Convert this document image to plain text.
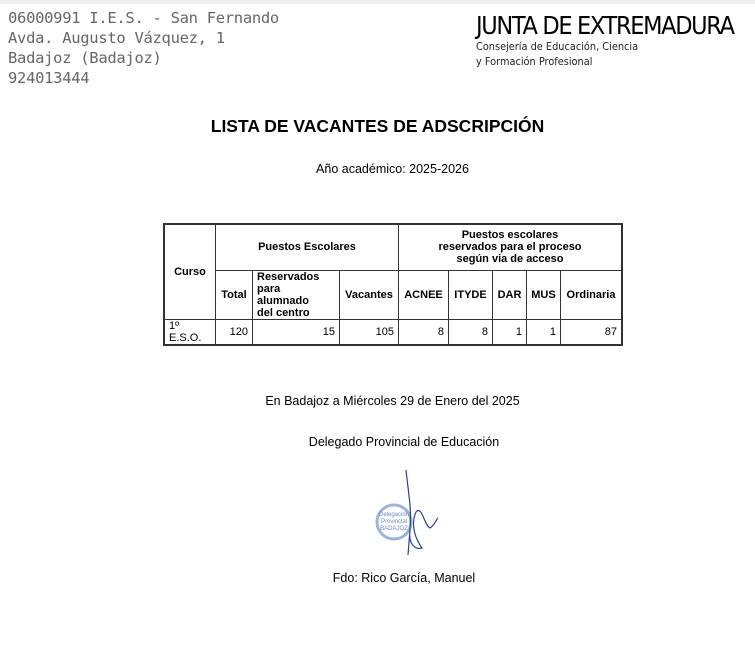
06000991 I.E.S. - San Fernando
Avda. Augusto Vázquez, 1
Badajoz (Badajoz)
924013444
JUNTA DE EXTREMADURA
Consejería de Educación, Ciencia
y Formación Profesional
LISTA DE VACANTES DE ADSCRIPCIÓN
Año académico: 2025-2026
Curso	Puestos Escolares			Puestos escolares
reservados para el proceso
según via de acceso				
	Total	Reservados
para alumnado
del centro	Vacantes	ACNEE	ITYDE	DAR	MUS	Ordinaria
1º E.S.O.	120	15	105	8	8	1	1	87
En Badajoz a Miércoles 29 de Enero del 2025
Delegado Provincial de Educación
Delegación
Provincial
BADAJOZ
Fdo: Rico García, Manuel
